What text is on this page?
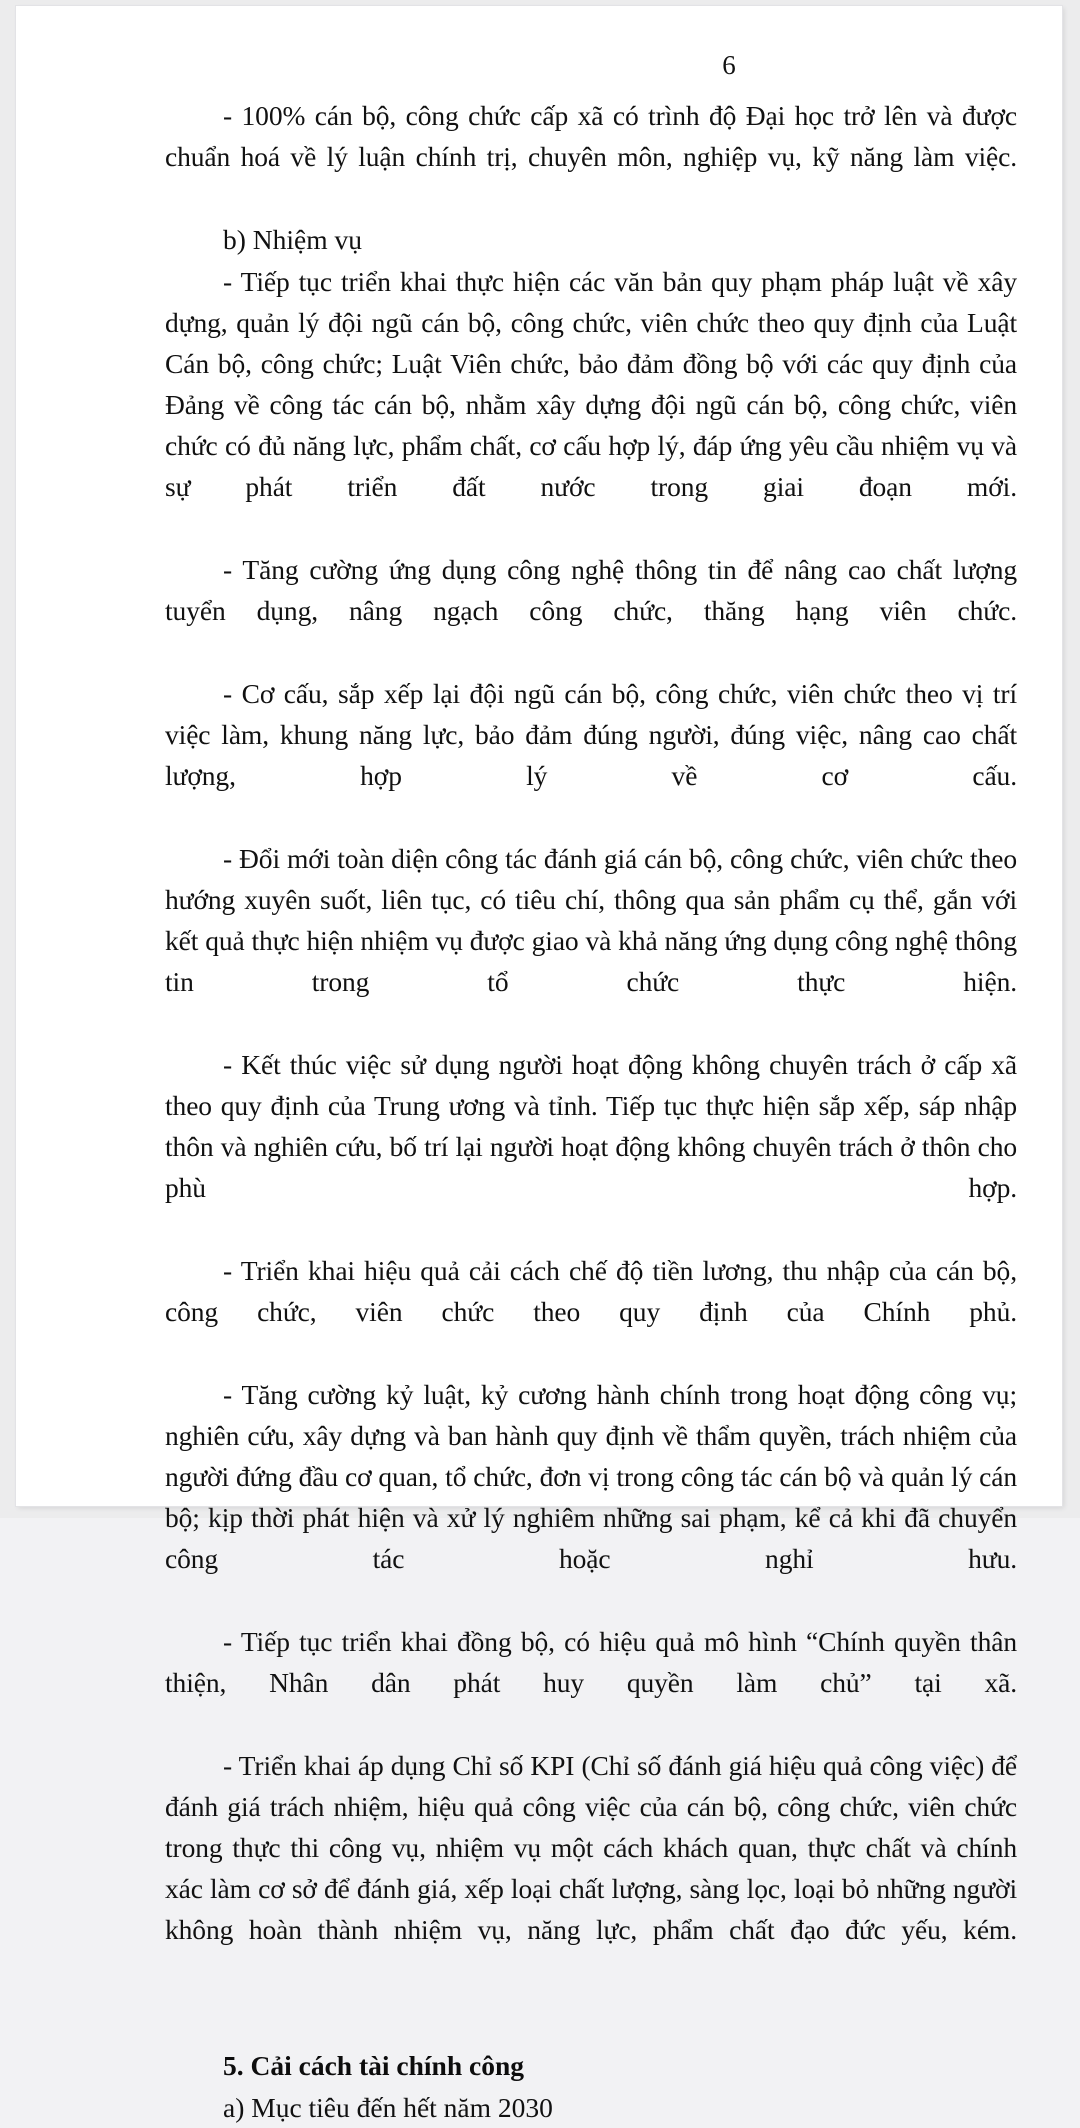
6

- 100% cán bộ, công chức cấp xã có trình độ Đại học trở lên và được chuẩn hoá về lý luận chính trị, chuyên môn, nghiệp vụ, kỹ năng làm việc.

b) Nhiệm vụ

- Tiếp tục triển khai thực hiện các văn bản quy phạm pháp luật về xây dựng, quản lý đội ngũ cán bộ, công chức, viên chức theo quy định của Luật Cán bộ, công chức; Luật Viên chức, bảo đảm đồng bộ với các quy định của Đảng về công tác cán bộ, nhằm xây dựng đội ngũ cán bộ, công chức, viên chức có đủ năng lực, phẩm chất, cơ cấu hợp lý, đáp ứng yêu cầu nhiệm vụ và sự phát triển đất nước trong giai đoạn mới.

- Tăng cường ứng dụng công nghệ thông tin để nâng cao chất lượng tuyển dụng, nâng ngạch công chức, thăng hạng viên chức.

- Cơ cấu, sắp xếp lại đội ngũ cán bộ, công chức, viên chức theo vị trí việc làm, khung năng lực, bảo đảm đúng người, đúng việc, nâng cao chất lượng, hợp lý về cơ cấu.

- Đổi mới toàn diện công tác đánh giá cán bộ, công chức, viên chức theo hướng xuyên suốt, liên tục, có tiêu chí, thông qua sản phẩm cụ thể, gắn với kết quả thực hiện nhiệm vụ được giao và khả năng ứng dụng công nghệ thông tin trong tổ chức thực hiện.

- Kết thúc việc sử dụng người hoạt động không chuyên trách ở cấp xã theo quy định của Trung ương và tỉnh. Tiếp tục thực hiện sắp xếp, sáp nhập thôn và nghiên cứu, bố trí lại người hoạt động không chuyên trách ở thôn cho phù hợp.

- Triển khai hiệu quả cải cách chế độ tiền lương, thu nhập của cán bộ, công chức, viên chức theo quy định của Chính phủ.

- Tăng cường kỷ luật, kỷ cương hành chính trong hoạt động công vụ; nghiên cứu, xây dựng và ban hành quy định về thẩm quyền, trách nhiệm của người đứng đầu cơ quan, tổ chức, đơn vị trong công tác cán bộ và quản lý cán bộ; kịp thời phát hiện và xử lý nghiêm những sai phạm, kể cả khi đã chuyển công tác hoặc nghỉ hưu.

- Tiếp tục triển khai đồng bộ, có hiệu quả mô hình “Chính quyền thân thiện, Nhân dân phát huy quyền làm chủ” tại xã.

- Triển khai áp dụng Chỉ số KPI (Chỉ số đánh giá hiệu quả công việc) để đánh giá trách nhiệm, hiệu quả công việc của cán bộ, công chức, viên chức trong thực thi công vụ, nhiệm vụ một cách khách quan, thực chất và chính xác làm cơ sở để đánh giá, xếp loại chất lượng, sàng lọc, loại bỏ những người không hoàn thành nhiệm vụ, năng lực, phẩm chất đạo đức yếu, kém.

5. Cải cách tài chính công

a) Mục tiêu đến hết năm 2030
